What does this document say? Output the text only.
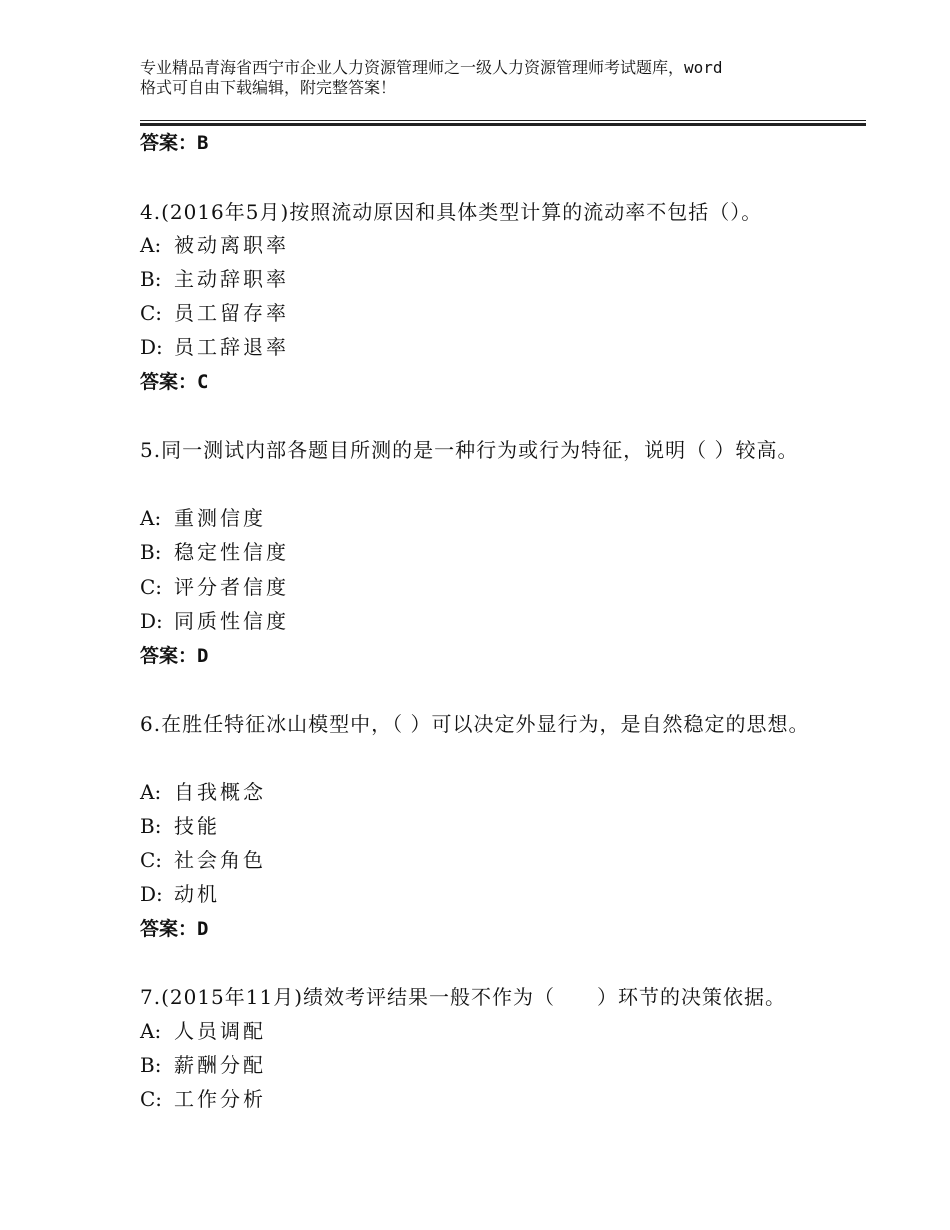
专业精品青海省西宁市企业人力资源管理师之一级人力资源管理师考试题库，word
格式可自由下载编辑，附完整答案！
答案：B
4.(2016年5月)按照流动原因和具体类型计算的流动率不包括（）。
A: 被动离职率
B: 主动辞职率
C: 员工留存率
D: 员工辞退率
答案：C
5.同一测试内部各题目所测的是一种行为或行为特征，说明（ ）较高。
A: 重测信度
B: 稳定性信度
C: 评分者信度
D: 同质性信度
答案：D
6.在胜任特征冰山模型中，（ ）可以决定外显行为，是自然稳定的思想。
A: 自我概念
B: 技能
C: 社会角色
D: 动机
答案：D
7.(2015年11月)绩效考评结果一般不作为（　　）环节的决策依据。
A: 人员调配
B: 薪酬分配
C: 工作分析
